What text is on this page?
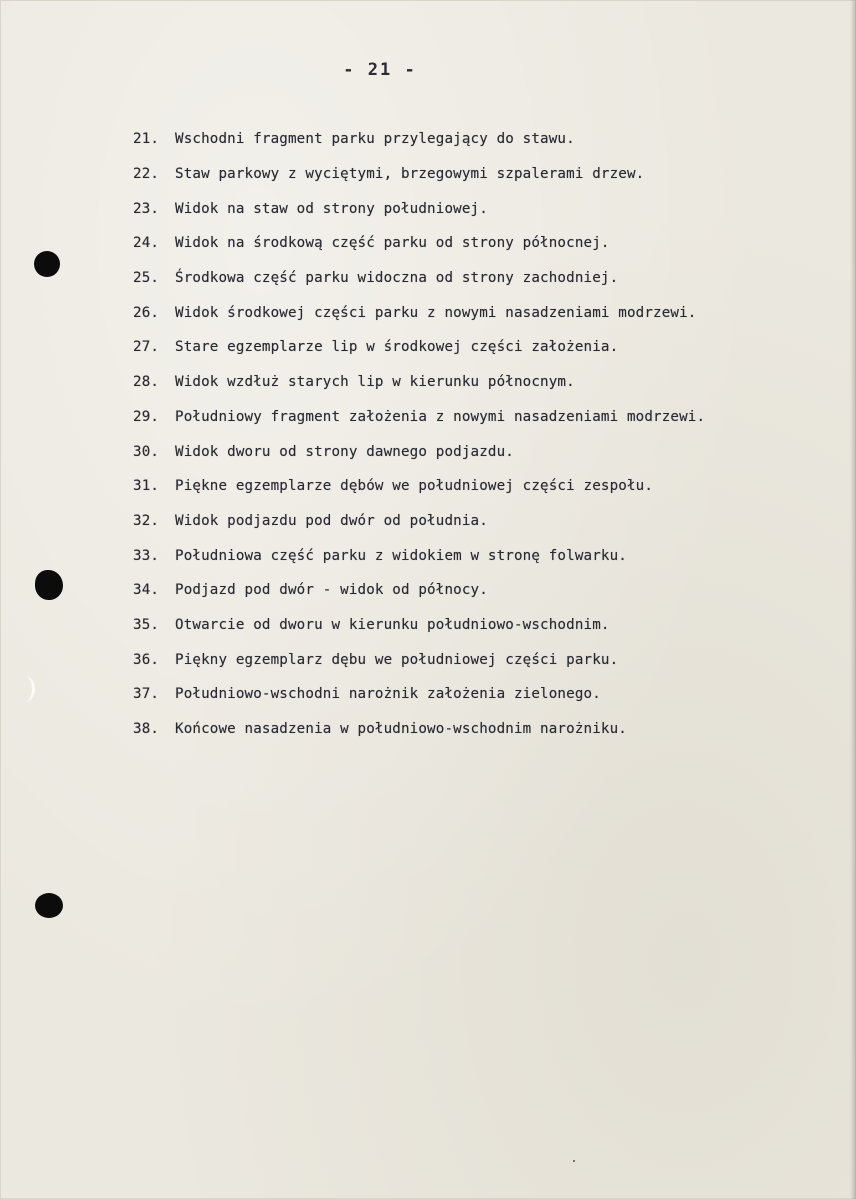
- 21 -
21.	Wschodni fragment parku przylegający do stawu.
22.	Staw parkowy z wyciętymi, brzegowymi szpalerami drzew.
23.	Widok na staw od strony południowej.
24.	Widok na środkową część parku od strony północnej.
25.	Środkowa część parku widoczna od strony zachodniej.
26.	Widok środkowej części parku z nowymi nasadzeniami modrzewi.
27.	Stare egzemplarze lip w środkowej części założenia.
28.	Widok wzdłuż starych lip w kierunku północnym.
29.	Południowy fragment założenia z nowymi nasadzeniami modrzewi.
30.	Widok dworu od strony dawnego podjazdu.
31.	Piękne egzemplarze dębów we południowej części zespołu.
32.	Widok podjazdu pod dwór od południa.
33.	Południowa część parku z widokiem w stronę folwarku.
34.	Podjazd pod dwór - widok od północy.
35.	Otwarcie od dworu w kierunku południowo-wschodnim.
36.	Piękny egzemplarz dębu we południowej części parku.
37.	Południowo-wschodni narożnik założenia zielonego.
38.	Końcowe nasadzenia w południowo-wschodnim narożniku.
